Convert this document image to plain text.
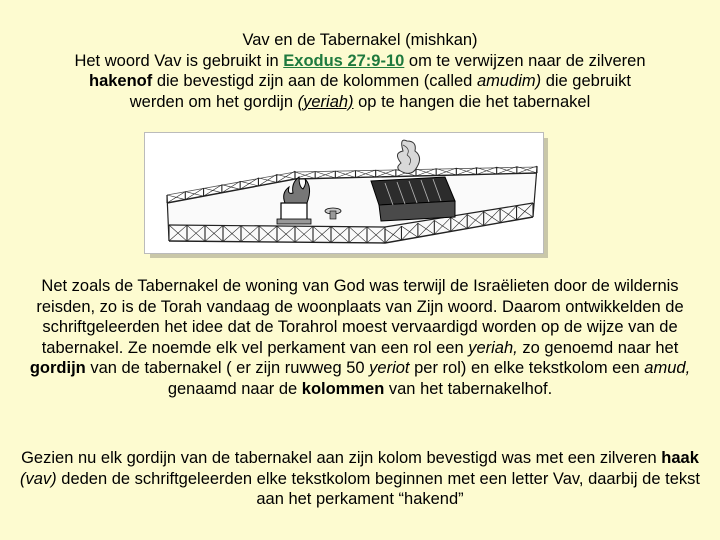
Vav en de Tabernakel (mishkan)
Het woord Vav is gebruikt in Exodus 27:9-10 om te verwijzen naar de zilveren
hakenof die bevestigd zijn aan de kolommen (called amudim) die gebruikt
werden om het gordijn (yeriah) op te hangen die het tabernakel
Net zoals de Tabernakel de woning van God was terwijl de Israëlieten door de wildernis reisden, zo is de Torah vandaag de woonplaats van Zijn woord. Daarom ontwikkelden de schriftgeleerden het idee dat de Torahrol moest vervaardigd worden op de wijze van de tabernakel. Ze noemde elk vel perkament van een rol een yeriah, zo genoemd naar het gordijn van de tabernakel ( er zijn ruwweg 50 yeriot per rol) en elke tekstkolom een amud, genaamd naar de kolommen van het tabernakelhof.
Gezien nu elk gordijn van de tabernakel aan zijn kolom bevestigd was met een zilveren haak (vav) deden de schriftgeleerden elke tekstkolom beginnen met een letter Vav, daarbij de tekst aan het perkament “hakend”
